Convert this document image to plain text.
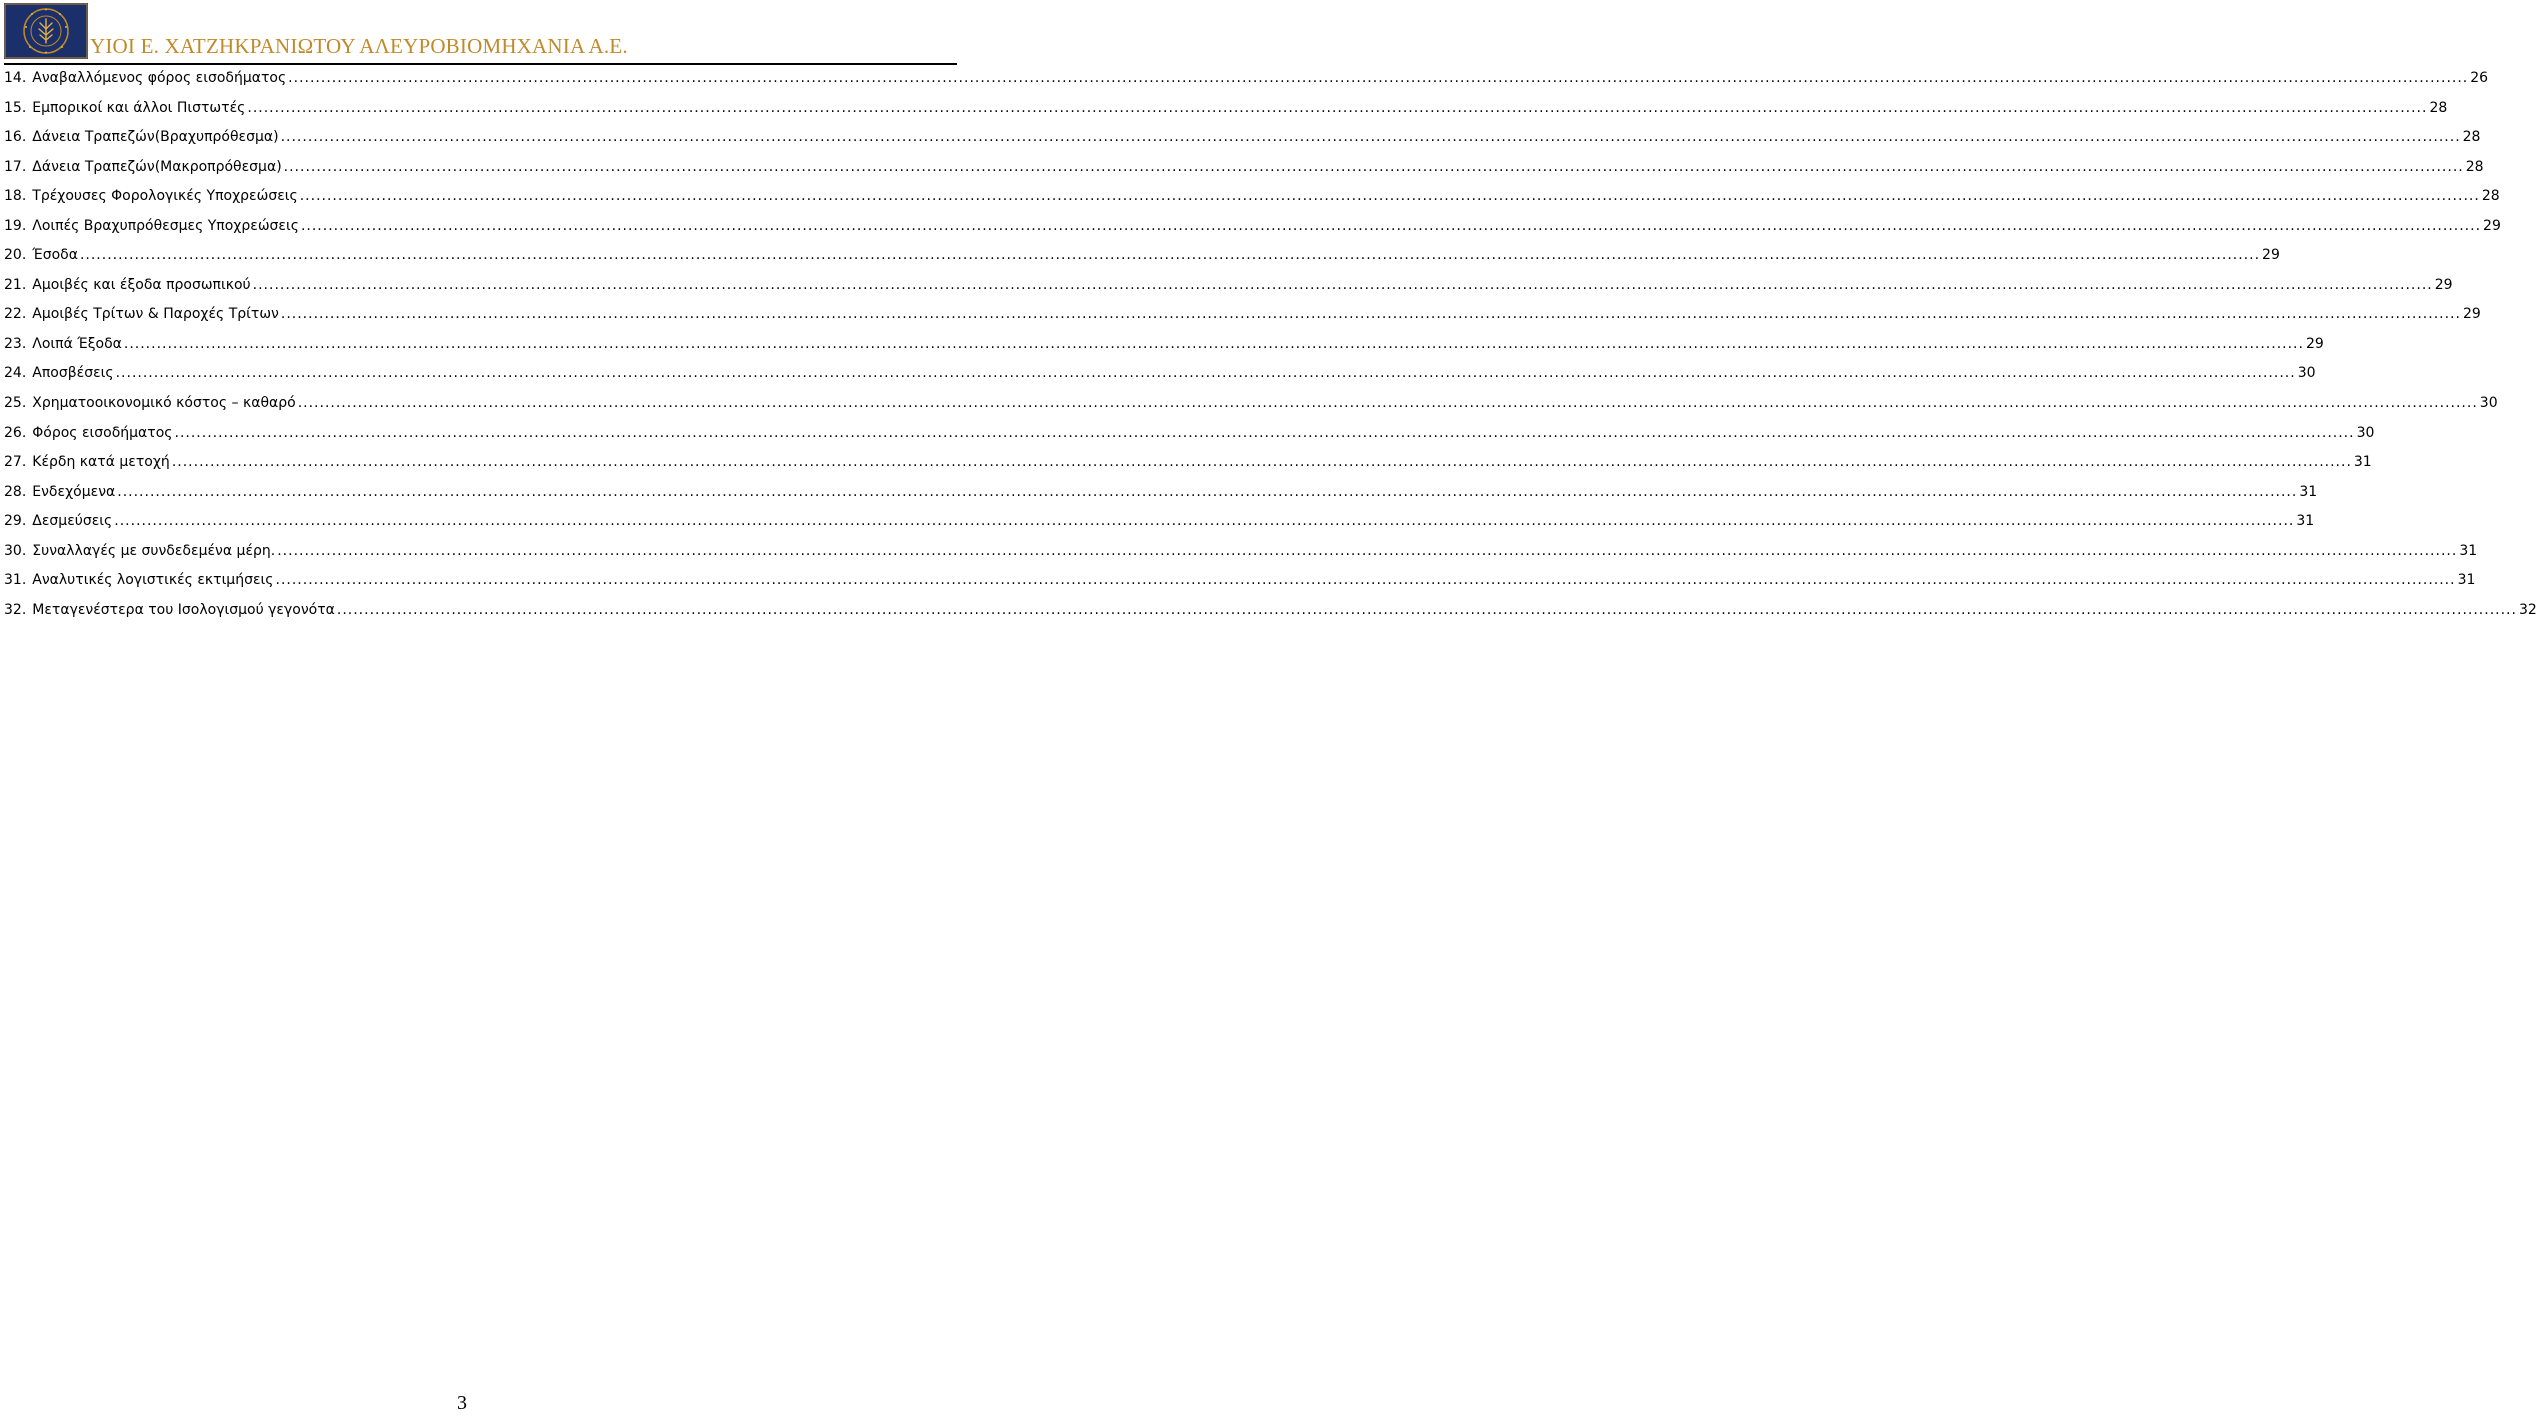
ΥΙΟΙ Ε. ΧΑΤΖΗΚΡΑΝΙΩΤΟΥ ΑΛΕΥΡΟΒΙΟΜΗΧΑΝΙΑ Α.Ε.
14. Αναβαλλόμενος φόρος εισοδήματος ................................................................................................................................................................................................................................................................................................................................................................................................................ 26
15. Εμπορικοί και άλλοι Πιστωτές ................................................................................................................................................................................................................................................................................................................................................................................................................ 28
16. Δάνεια Τραπεζών(Βραχυπρόθεσμα) ................................................................................................................................................................................................................................................................................................................................................................................................................ 28
17. Δάνεια Τραπεζών(Μακροπρόθεσμα) ................................................................................................................................................................................................................................................................................................................................................................................................................ 28
18. Τρέχουσες Φορολογικές Υποχρεώσεις ................................................................................................................................................................................................................................................................................................................................................................................................................ 28
19. Λοιπές Βραχυπρόθεσμες Υποχρεώσεις ................................................................................................................................................................................................................................................................................................................................................................................................................ 29
20. Έσοδα ................................................................................................................................................................................................................................................................................................................................................................................................................ 29
21. Αμοιβές και έξοδα προσωπικού ................................................................................................................................................................................................................................................................................................................................................................................................................ 29
22. Αμοιβές Τρίτων & Παροχές Τρίτων ................................................................................................................................................................................................................................................................................................................................................................................................................ 29
23. Λοιπά Έξοδα ................................................................................................................................................................................................................................................................................................................................................................................................................ 29
24. Αποσβέσεις ................................................................................................................................................................................................................................................................................................................................................................................................................ 30
25. Χρηματοοικονομικό κόστος – καθαρό ................................................................................................................................................................................................................................................................................................................................................................................................................ 30
26. Φόρος εισοδήματος ................................................................................................................................................................................................................................................................................................................................................................................................................ 30
27. Κέρδη κατά μετοχή ................................................................................................................................................................................................................................................................................................................................................................................................................ 31
28. Ενδεχόμενα ................................................................................................................................................................................................................................................................................................................................................................................................................ 31
29. Δεσμεύσεις ................................................................................................................................................................................................................................................................................................................................................................................................................ 31
30. Συναλλαγές με συνδεδεμένα μέρη. ................................................................................................................................................................................................................................................................................................................................................................................................................ 31
31. Αναλυτικές λογιστικές εκτιμήσεις ................................................................................................................................................................................................................................................................................................................................................................................................................ 31
32. Μεταγενέστερα του Ισολογισμού γεγονότα ................................................................................................................................................................................................................................................................................................................................................................................................................ 32
3
